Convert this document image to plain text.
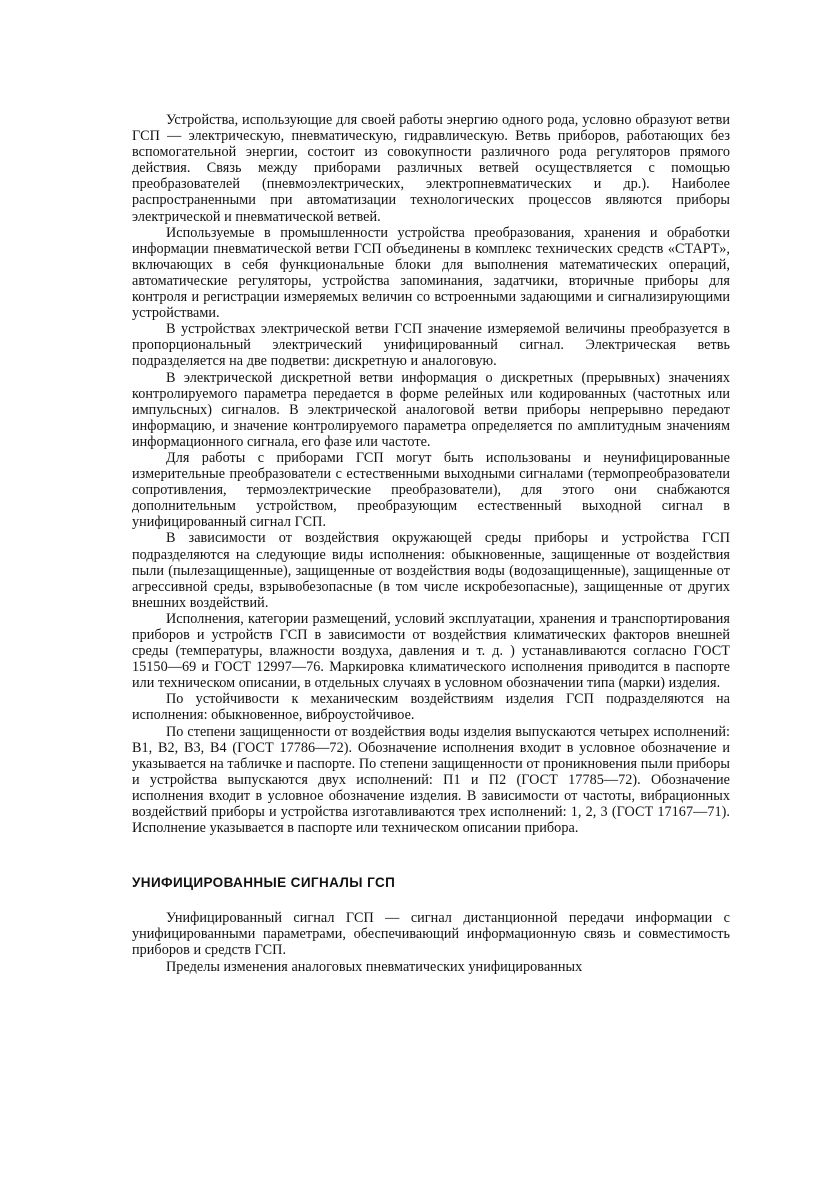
Устройства, использующие для своей работы энергию одного рода, условно образуют ветви ГСП — электрическую, пневматическую, гидравлическую. Ветвь приборов, работающих без вспомогательной энергии, состоит из совокупности различного рода регуляторов прямого действия. Связь между приборами различных ветвей осуществляется с помощью преобразователей (пневмоэлектрических, электропневматических и др.). Наиболее распространенными при автоматизации технологических процессов являются приборы электрической и пневматической ветвей.

Используемые в промышленности устройства преобразования, хранения и обработки информации пневматической ветви ГСП объединены в комплекс технических средств «СТАРТ», включающих в себя функциональные блоки для выполнения математических операций, автоматические регуляторы, устройства запоминания, задатчики, вторичные приборы для контроля и регистрации измеряемых величин со встроенными задающими и сигнализирующими устройствами.

В устройствах электрической ветви ГСП значение измеряемой величины преобразуется в пропорциональный электрический унифицированный сигнал. Электрическая ветвь подразделяется на две подветви: дискретную и аналоговую.

В электрической дискретной ветви информация о дискретных (прерывных) значениях контролируемого параметра передается в форме релейных или кодированных (частотных или импульсных) сигналов. В электрической аналоговой ветви приборы непрерывно передают информацию, и значение контролируемого параметра определяется по амплитудным значениям информационного сигнала, его фазе или частоте.

Для работы с приборами ГСП могут быть использованы и неунифицированные измерительные преобразователи с естественными выходными сигналами (термопреобразователи сопротивления, термоэлектрические преобразователи), для этого они снабжаются дополнительным устройством, преобразующим естественный выходной сигнал в унифицированный сигнал ГСП.

В зависимости от воздействия окружающей среды приборы и устройства ГСП подразделяются на следующие виды исполнения: обыкновенные, защищенные от воздействия пыли (пылезащищенные), защищенные от воздействия воды (водозащищенные), защищенные от агрессивной среды, взрывобезопасные (в том числе искробезопасные), защищенные от других внешних воздействий.

Исполнения, категории размещений, условий эксплуатации, хранения и транспортирования приборов и устройств ГСП в зависимости от воздействия климатических факторов внешней среды (температуры, влажности воздуха, давления и т. д. ) устанавливаются согласно ГОСТ 15150—69 и ГОСТ 12997—76. Маркировка климатического исполнения приводится в паспорте или техническом описании, в отдельных случаях в условном обозначении типа (марки) изделия.

По устойчивости к механическим воздействиям изделия ГСП подразделяются на исполнения: обыкновенное, виброустойчивое.

По степени защищенности от воздействия воды изделия выпускаются четырех исполнений: В1, В2, В3, В4 (ГОСТ 17786—72). Обозначение исполнения входит в условное обозначение и указывается на табличке и паспорте. По степени защищенности от проникновения пыли приборы и устройства выпускаются двух исполнений: П1 и П2 (ГОСТ 17785—72). Обозначение исполнения входит в условное обозначение изделия. В зависимости от частоты, вибрационных воздействий приборы и устройства изготавливаются трех исполнений: 1, 2, 3 (ГОСТ 17167—71). Исполнение указывается в паспорте или техническом описании прибора.

УНИФИЦИРОВАННЫЕ СИГНАЛЫ ГСП

Унифицированный сигнал ГСП — сигнал дистанционной передачи информации с унифицированными параметрами, обеспечивающий информационную связь и совместимость приборов и средств ГСП.

Пределы изменения аналоговых пневматических унифицированных
